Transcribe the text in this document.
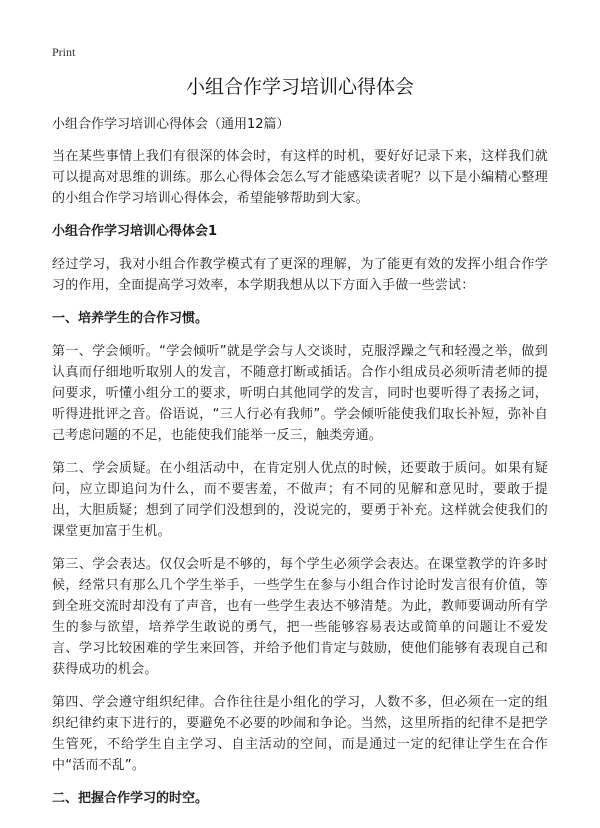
Print
小组合作学习培训心得体会
小组合作学习培训心得体会（通用12篇）

当在某些事情上我们有很深的体会时，有这样的时机，要好好记录下来，这样我们就可以提高对思维的训练。那么心得体会怎么写才能感染读者呢？以下是小编精心整理的小组合作学习培训心得体会，希望能够帮助到大家。

小组合作学习培训心得体会1

经过学习，我对小组合作教学模式有了更深的理解，为了能更有效的发挥小组合作学习的作用，全面提高学习效率，本学期我想从以下方面入手做一些尝试：

一、培养学生的合作习惯。

第一、学会倾听。“学会倾听”就是学会与人交谈时，克服浮躁之气和轻漫之举，做到认真而仔细地听取别人的发言，不随意打断或插话。合作小组成员必须听清老师的提问要求，听懂小组分工的要求，听明白其他同学的发言，同时也要听得了表扬之词，听得进批评之音。俗语说，“三人行必有我师”。学会倾听能使我们取长补短，弥补自己考虑问题的不足，也能使我们能举一反三，触类旁通。

第二、学会质疑。在小组活动中，在肯定别人优点的时候，还要敢于质问。如果有疑问，应立即追问为什么，而不要害羞，不做声；有不同的见解和意见时，要敢于提出，大胆质疑；想到了同学们没想到的，没说完的，要勇于补充。这样就会使我们的课堂更加富于生机。

第三、学会表达。仅仅会听是不够的，每个学生必须学会表达。在课堂教学的许多时候，经常只有那么几个学生举手，一些学生在参与小组合作讨论时发言很有价值，等到全班交流时却没有了声音，也有一些学生表达不够清楚。为此，教师要调动所有学生的参与欲望，培养学生敢说的勇气，把一些能够容易表达或简单的问题让不爱发言、学习比较困难的学生来回答，并给予他们肯定与鼓励，使他们能够有表现自己和获得成功的机会。

第四、学会遵守组织纪律。合作往往是小组化的学习，人数不多，但必须在一定的组织纪律约束下进行的，要避免不必要的吵闹和争论。当然，这里所指的纪律不是把学生管死，不给学生自主学习、自主活动的空间，而是通过一定的纪律让学生在合作中“活而不乱”。

二、把握合作学习的时空。
